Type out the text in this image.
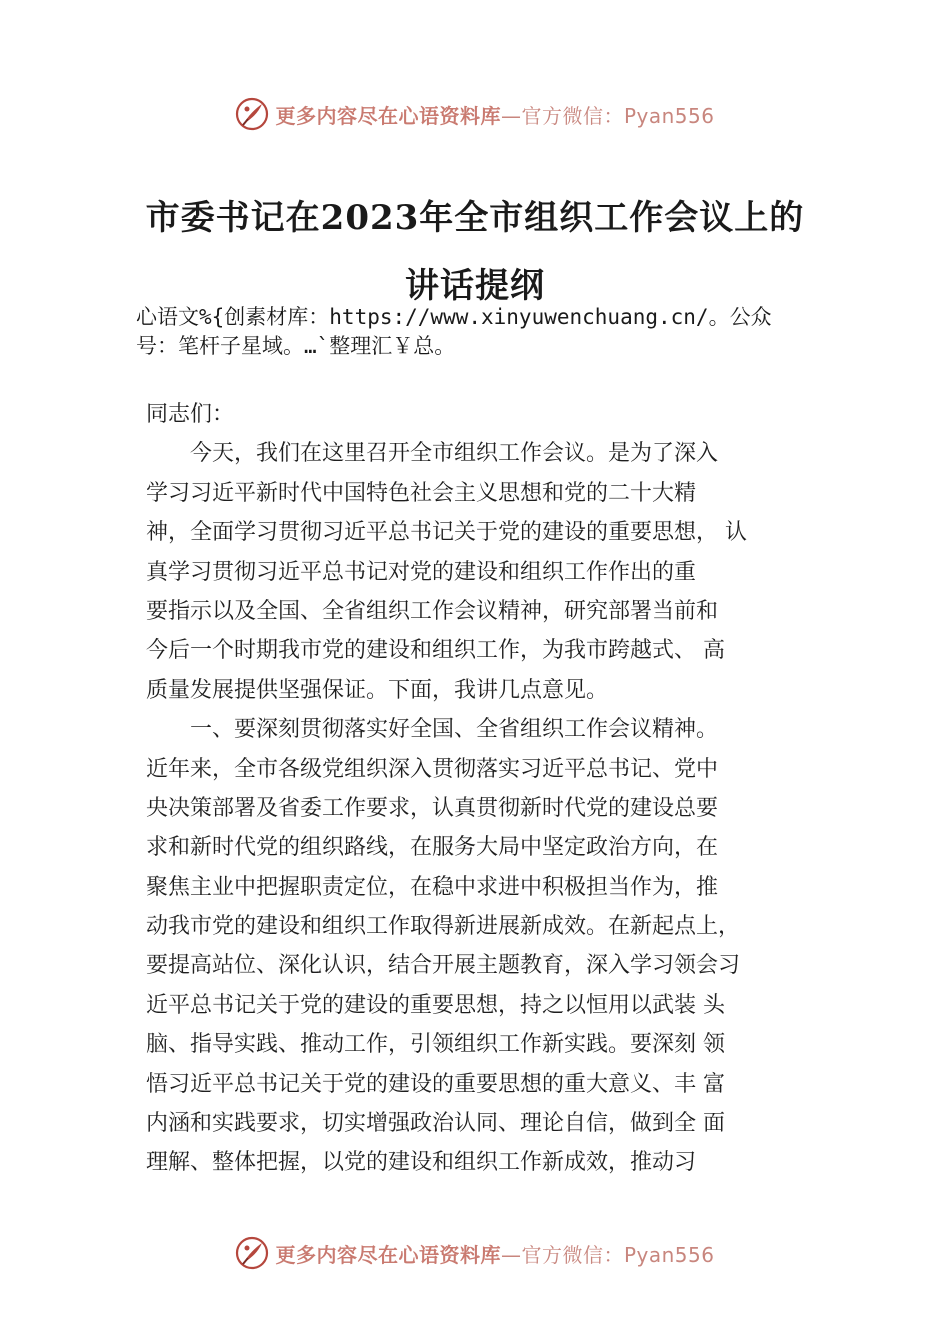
更多内容尽在心语资料库—官方微信：Pyan556
市委书记在2023年全市组织工作会议上的
讲话提纲
心语文%{创素材库：https://www.xinyuwenchuang.cn/。公众
号：笔杆子星域。…`整理汇￥总。
同志们：
　　今天，我们在这里召开全市组织工作会议。是为了深入
学习习近平新时代中国特色社会主义思想和党的二十大精
神，全面学习贯彻习近平总书记关于党的建设的重要思想， 认
真学习贯彻习近平总书记对党的建设和组织工作作出的重
要指示以及全国、全省组织工作会议精神，研究部署当前和
今后一个时期我市党的建设和组织工作，为我市跨越式、 高
质量发展提供坚强保证。下面，我讲几点意见。
　　一、要深刻贯彻落实好全国、全省组织工作会议精神。
近年来，全市各级党组织深入贯彻落实习近平总书记、党中
央决策部署及省委工作要求，认真贯彻新时代党的建设总要
求和新时代党的组织路线，在服务大局中坚定政治方向，在
聚焦主业中把握职责定位，在稳中求进中积极担当作为，推
动我市党的建设和组织工作取得新进展新成效。在新起点上，
要提高站位、深化认识，结合开展主题教育，深入学习领会习
近平总书记关于党的建设的重要思想，持之以恒用以武装 头
脑、指导实践、推动工作，引领组织工作新实践。要深刻 领
悟习近平总书记关于党的建设的重要思想的重大意义、丰 富
内涵和实践要求，切实增强政治认同、理论自信，做到全 面
理解、整体把握，以党的建设和组织工作新成效，推动习
更多内容尽在心语资料库—官方微信：Pyan556
